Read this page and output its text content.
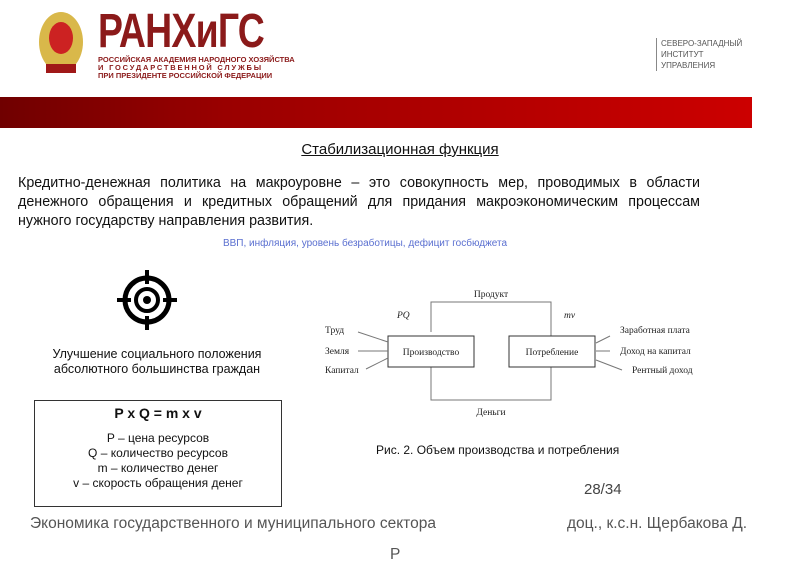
РАНХиГС
РОССИЙСКАЯ АКАДЕМИЯ НАРОДНОГО ХОЗЯЙСТВА
И ГОСУДАРСТВЕННОЙ СЛУЖБЫ
ПРИ ПРЕЗИДЕНТЕ РОССИЙСКОЙ ФЕДЕРАЦИИ
СЕВЕРО-ЗАПАДНЫЙ
ИНСТИТУТ
УПРАВЛЕНИЯ
Стабилизационная функция
Кредитно-денежная политика на макроуровне – это совокупность мер, проводимых в области денежного обращения и кредитных обращений для придания макроэкономическим процессам нужного государству направления развития.
ВВП, инфляция, уровень безработицы, дефицит госбюджета
Улучшение социального положения
абсолютного большинства граждан
P x Q = m x v
P – цена ресурсов
Q – количество ресурсов
m – количество денег
v – скорость обращения денег
Продукт
Деньги
PQ	mv
Производство	Потребление
Труд
Земля
Капитал
Заработная плата
Доход на капитал
Рентный доход
Рис. 2. Объем производства и потребления
28/34
Экономика государственного и муниципального сектора	доц., к.с.н. Щербакова Д.
Р
